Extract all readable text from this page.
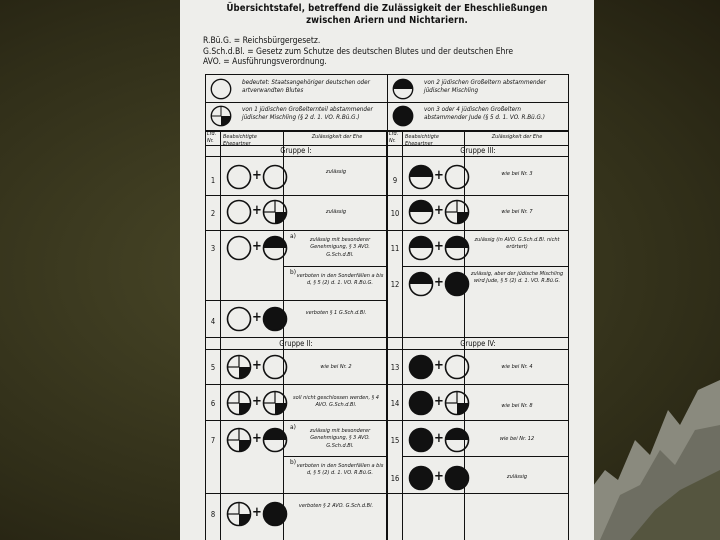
Übersichtstafel, betreffend die Zulässigkeit der Eheschließungen
zwischen Ariern und Nichtariern.
R.Bü.G. = Reichsbürgergesetz.
G.Sch.d.Bl. = Gesetz zum Schutze des deutschen Blutes und der deutschen Ehre
AVO. = Ausführungsverordnung.
bedeutet: Staatsangehöriger deutschen oder artverwandten Blutes
von 2 jüdischen Großeltern abstammender jüdischer Mischling
von 1 jüdischen Großelternteil abstammender jüdischer Mischling (§ 2 d. 1. VO. R.Bü.G.)
von 3 oder 4 jüdischen Großeltern abstammender Jude (§ 5 d. 1. VO. R.Bü.G.)
Lfd. Nr.
Beabsichtigte Ehepartner
Zulässigkeit der Ehe	Lfd. Nr.
Beabsichtigte Ehepartner
Zulässigkeit der Ehe
Gruppe I:	Gruppe III:
Gruppe II:	Gruppe IV:
1	+	zulässig
2	+	zulässig
3	+
a)	zulässig mit besonderer Genehmigung, § 3 AVO. G.Sch.d.Bl.
b) verboten in den Sonderfällen a bis d, § 5 (2) d. 1. VO. R.Bü.G.
4	+	verboten § 1 G.Sch.d.Bl.
9	+	wie bei Nr. 3
10	+	wie bei Nr. 7
11	+	zulässig (in AVO. G.Sch.d.Bl. nicht erörtert)
12	+
zulässig, aber der jüdische Mischling wird Jude, § 5 (2) d. 1. VO. R.Bü.G.
5	+	wie bei Nr. 2
6	+	soll nicht geschlossen werden, § 4 AVO. G.Sch.d.Bl.
7	+
a)	zulässig mit besonderer Genehmigung, § 3 AVO. G.Sch.d.Bl.
b) verboten in den Sonderfällen a bis d, § 5 (2) d. 1. VO. R.Bü.G.
8	+	verboten § 2 AVO. G.Sch.d.Bl.
13	+	wie bei Nr. 4
14	+	wie bei Nr. 8
15	+	wie bei Nr. 12
16	+	zulässig
